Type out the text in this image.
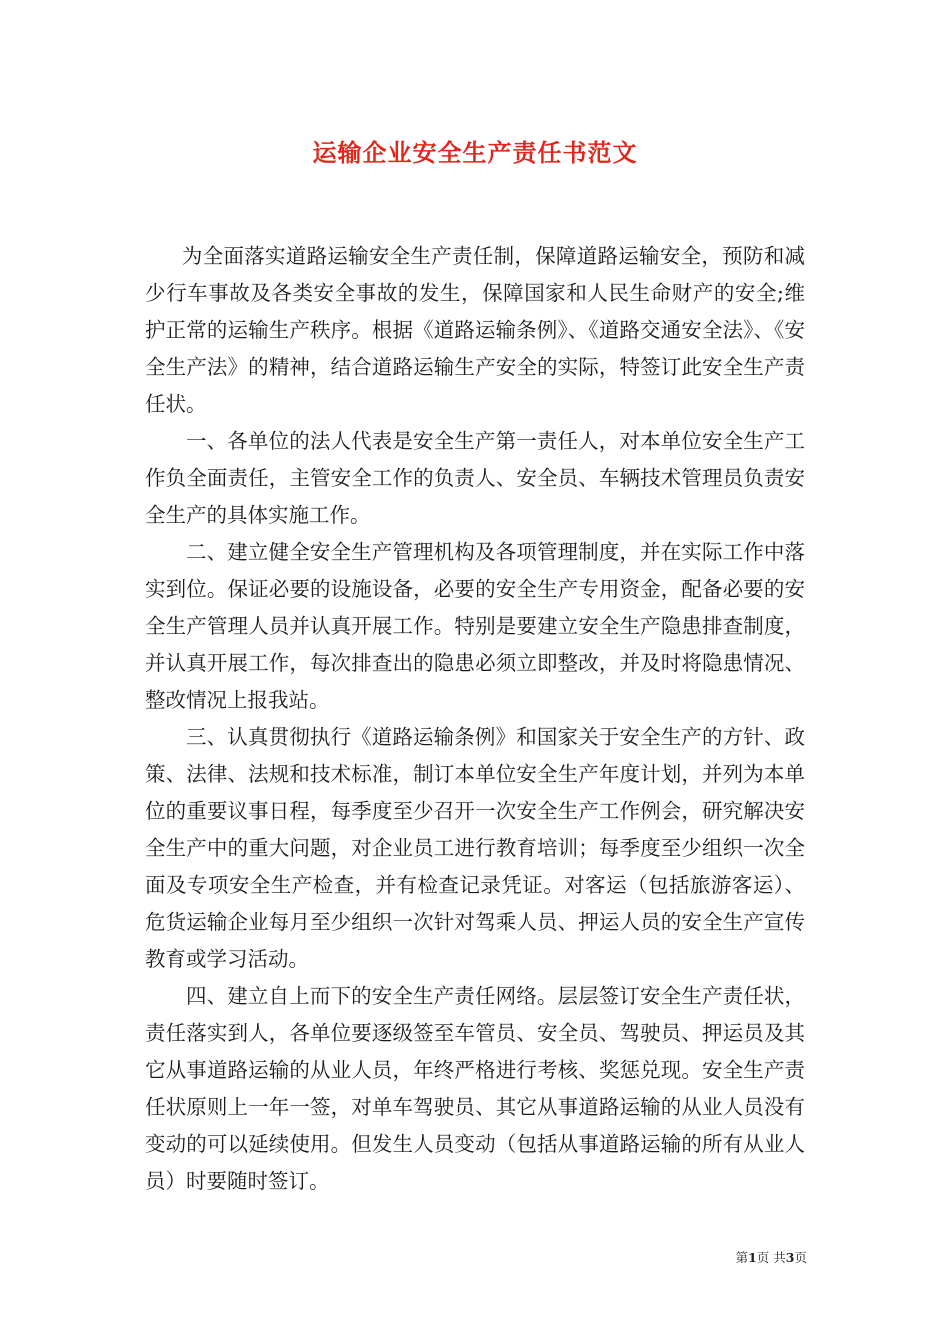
运输企业安全生产责任书范文

为全面落实道路运输安全生产责任制，保障道路运输安全，预防和减少行车事故及各类安全事故的发生，保障国家和人民生命财产的安全;维护正常的运输生产秩序。根据《道路运输条例》、《道路交通安全法》、《安全生产法》的精神，结合道路运输生产安全的实际，特签订此安全生产责任状。

一、各单位的法人代表是安全生产第一责任人，对本单位安全生产工作负全面责任，主管安全工作的负责人、安全员、车辆技术管理员负责安全生产的具体实施工作。

二、建立健全安全生产管理机构及各项管理制度，并在实际工作中落实到位。保证必要的设施设备，必要的安全生产专用资金，配备必要的安全生产管理人员并认真开展工作。特别是要建立安全生产隐患排查制度，并认真开展工作，每次排查出的隐患必须立即整改，并及时将隐患情况、整改情况上报我站。

三、认真贯彻执行《道路运输条例》和国家关于安全生产的方针、政策、法律、法规和技术标准，制订本单位安全生产年度计划，并列为本单位的重要议事日程，每季度至少召开一次安全生产工作例会，研究解决安全生产中的重大问题，对企业员工进行教育培训；每季度至少组织一次全面及专项安全生产检查，并有检查记录凭证。对客运（包括旅游客运）、危货运输企业每月至少组织一次针对驾乘人员、押运人员的安全生产宣传教育或学习活动。

四、建立自上而下的安全生产责任网络。层层签订安全生产责任状，责任落实到人，各单位要逐级签至车管员、安全员、驾驶员、押运员及其它从事道路运输的从业人员，年终严格进行考核、奖惩兑现。安全生产责任状原则上一年一签，对单车驾驶员、其它从事道路运输的从业人员没有变动的可以延续使用。但发生人员变动（包括从事道路运输的所有从业人员）时要随时签订。

第1页 共3页
